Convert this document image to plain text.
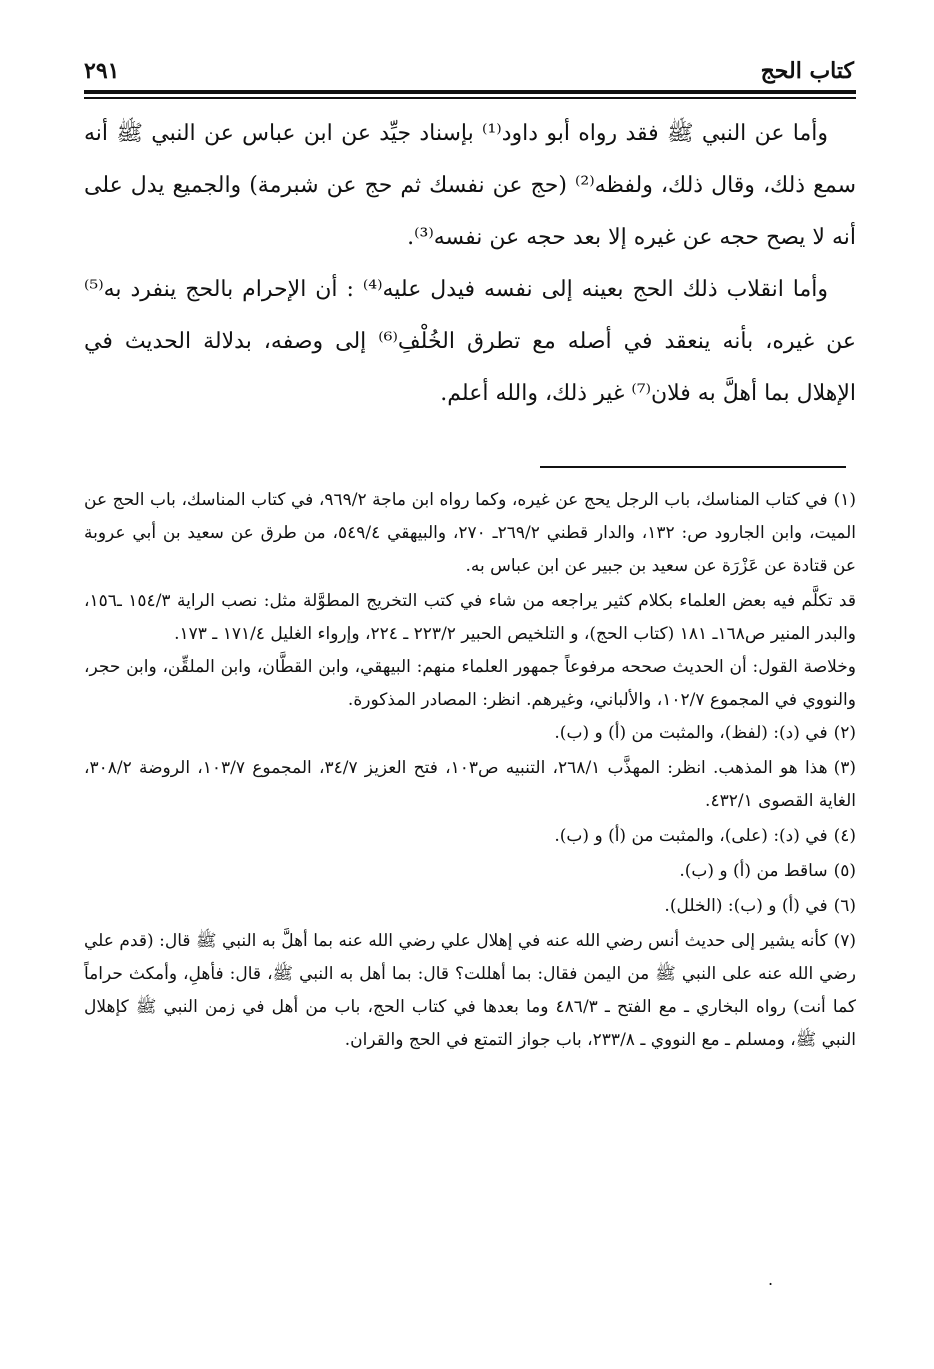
كتاب الحج
٢٩١

وأما عن النبي ﷺ فقد رواه أبو داود⁽¹⁾ بإسناد جيِّد عن ابن عباس عن النبي ﷺ أنه سمع ذلك، وقال ذلك، ولفظه⁽²⁾ (حج عن نفسك ثم حج عن شبرمة) والجميع يدل على أنه لا يصح حجه عن غيره إلا بعد حجه عن نفسه⁽³⁾.

وأما انقلاب ذلك الحج بعينه إلى نفسه فيدل عليه⁽⁴⁾ : أن الإحرام بالحج ينفرد به⁽⁵⁾ عن غيره، بأنه ينعقد في أصله مع تطرق الخُلْفِ⁽⁶⁾ إلى وصفه، بدلالة الحديث في الإهلال بما أهلَّ به فلان⁽⁷⁾ غير ذلك، والله أعلم.

(١)في كتاب المناسك، باب الرجل يحج عن غيره، وكما رواه ابن ماجة ٩٦٩/٢، في كتاب المناسك، باب الحج عن الميت، وابن الجارود ص: ١٣٢، والدار قطني ٢٦٩/٢ـ ٢٧٠، والبيهقي ٥٤٩/٤، من طرق عن سعيد بن أبي عروبة عن قتادة عن عَزْرَة عن سعيد بن جبير عن ابن عباس به.

قد تكلَّم فيه بعض العلماء بكلام كثير يراجعه من شاء في كتب التخريج المطوَّلة مثل: نصب الراية ١٥٤/٣ ـ١٥٦، والبدر المنير ص١٦٨ـ ١٨١ (كتاب الحج)، و التلخيص الحبير ٢٢٣/٢ ـ ٢٢٤، وإرواء الغليل ١٧١/٤ ـ ١٧٣.

وخلاصة القول: أن الحديث صححه مرفوعاً جمهور العلماء منهم: البيهقي، وابن القطَّان، وابن الملقِّن، وابن حجر، والنووي في المجموع ١٠٢/٧، والألباني، وغيرهم. انظر: المصادر المذكورة.

(٢)في (د): (لفظ)، والمثبت من (أ) و (ب).

(٣)هذا هو المذهب. انظر: المهذَّب ٢٦٨/١، التنبيه ص١٠٣، فتح العزيز ٣٤/٧، المجموع ١٠٣/٧، الروضة ٣٠٨/٢، الغاية القصوى ٤٣٢/١.

(٤)في (د): (على)، والمثبت من (أ) و (ب).

(٥)ساقط من (أ) و (ب).

(٦)في (أ) و (ب): (الخلل).

(٧)كأنه يشير إلى حديث أنس رضي الله عنه في إهلال علي رضي الله عنه بما أهلَّ به النبي ﷺ قال: (قدم علي رضي الله عنه على النبي ﷺ من اليمن فقال: بما أهللت؟ قال: بما أهل به النبي ﷺ، قال: فأهلِ، وأمكث حراماً كما أنت) رواه البخاري ـ مع الفتح ـ ٤٨٦/٣ وما بعدها في كتاب الحج، باب من أهل في زمن النبي ﷺ كإهلال النبي ﷺ، ومسلم ـ مع النووي ـ ٢٣٣/٨، باب جواز التمتع في الحج والقران.

.
